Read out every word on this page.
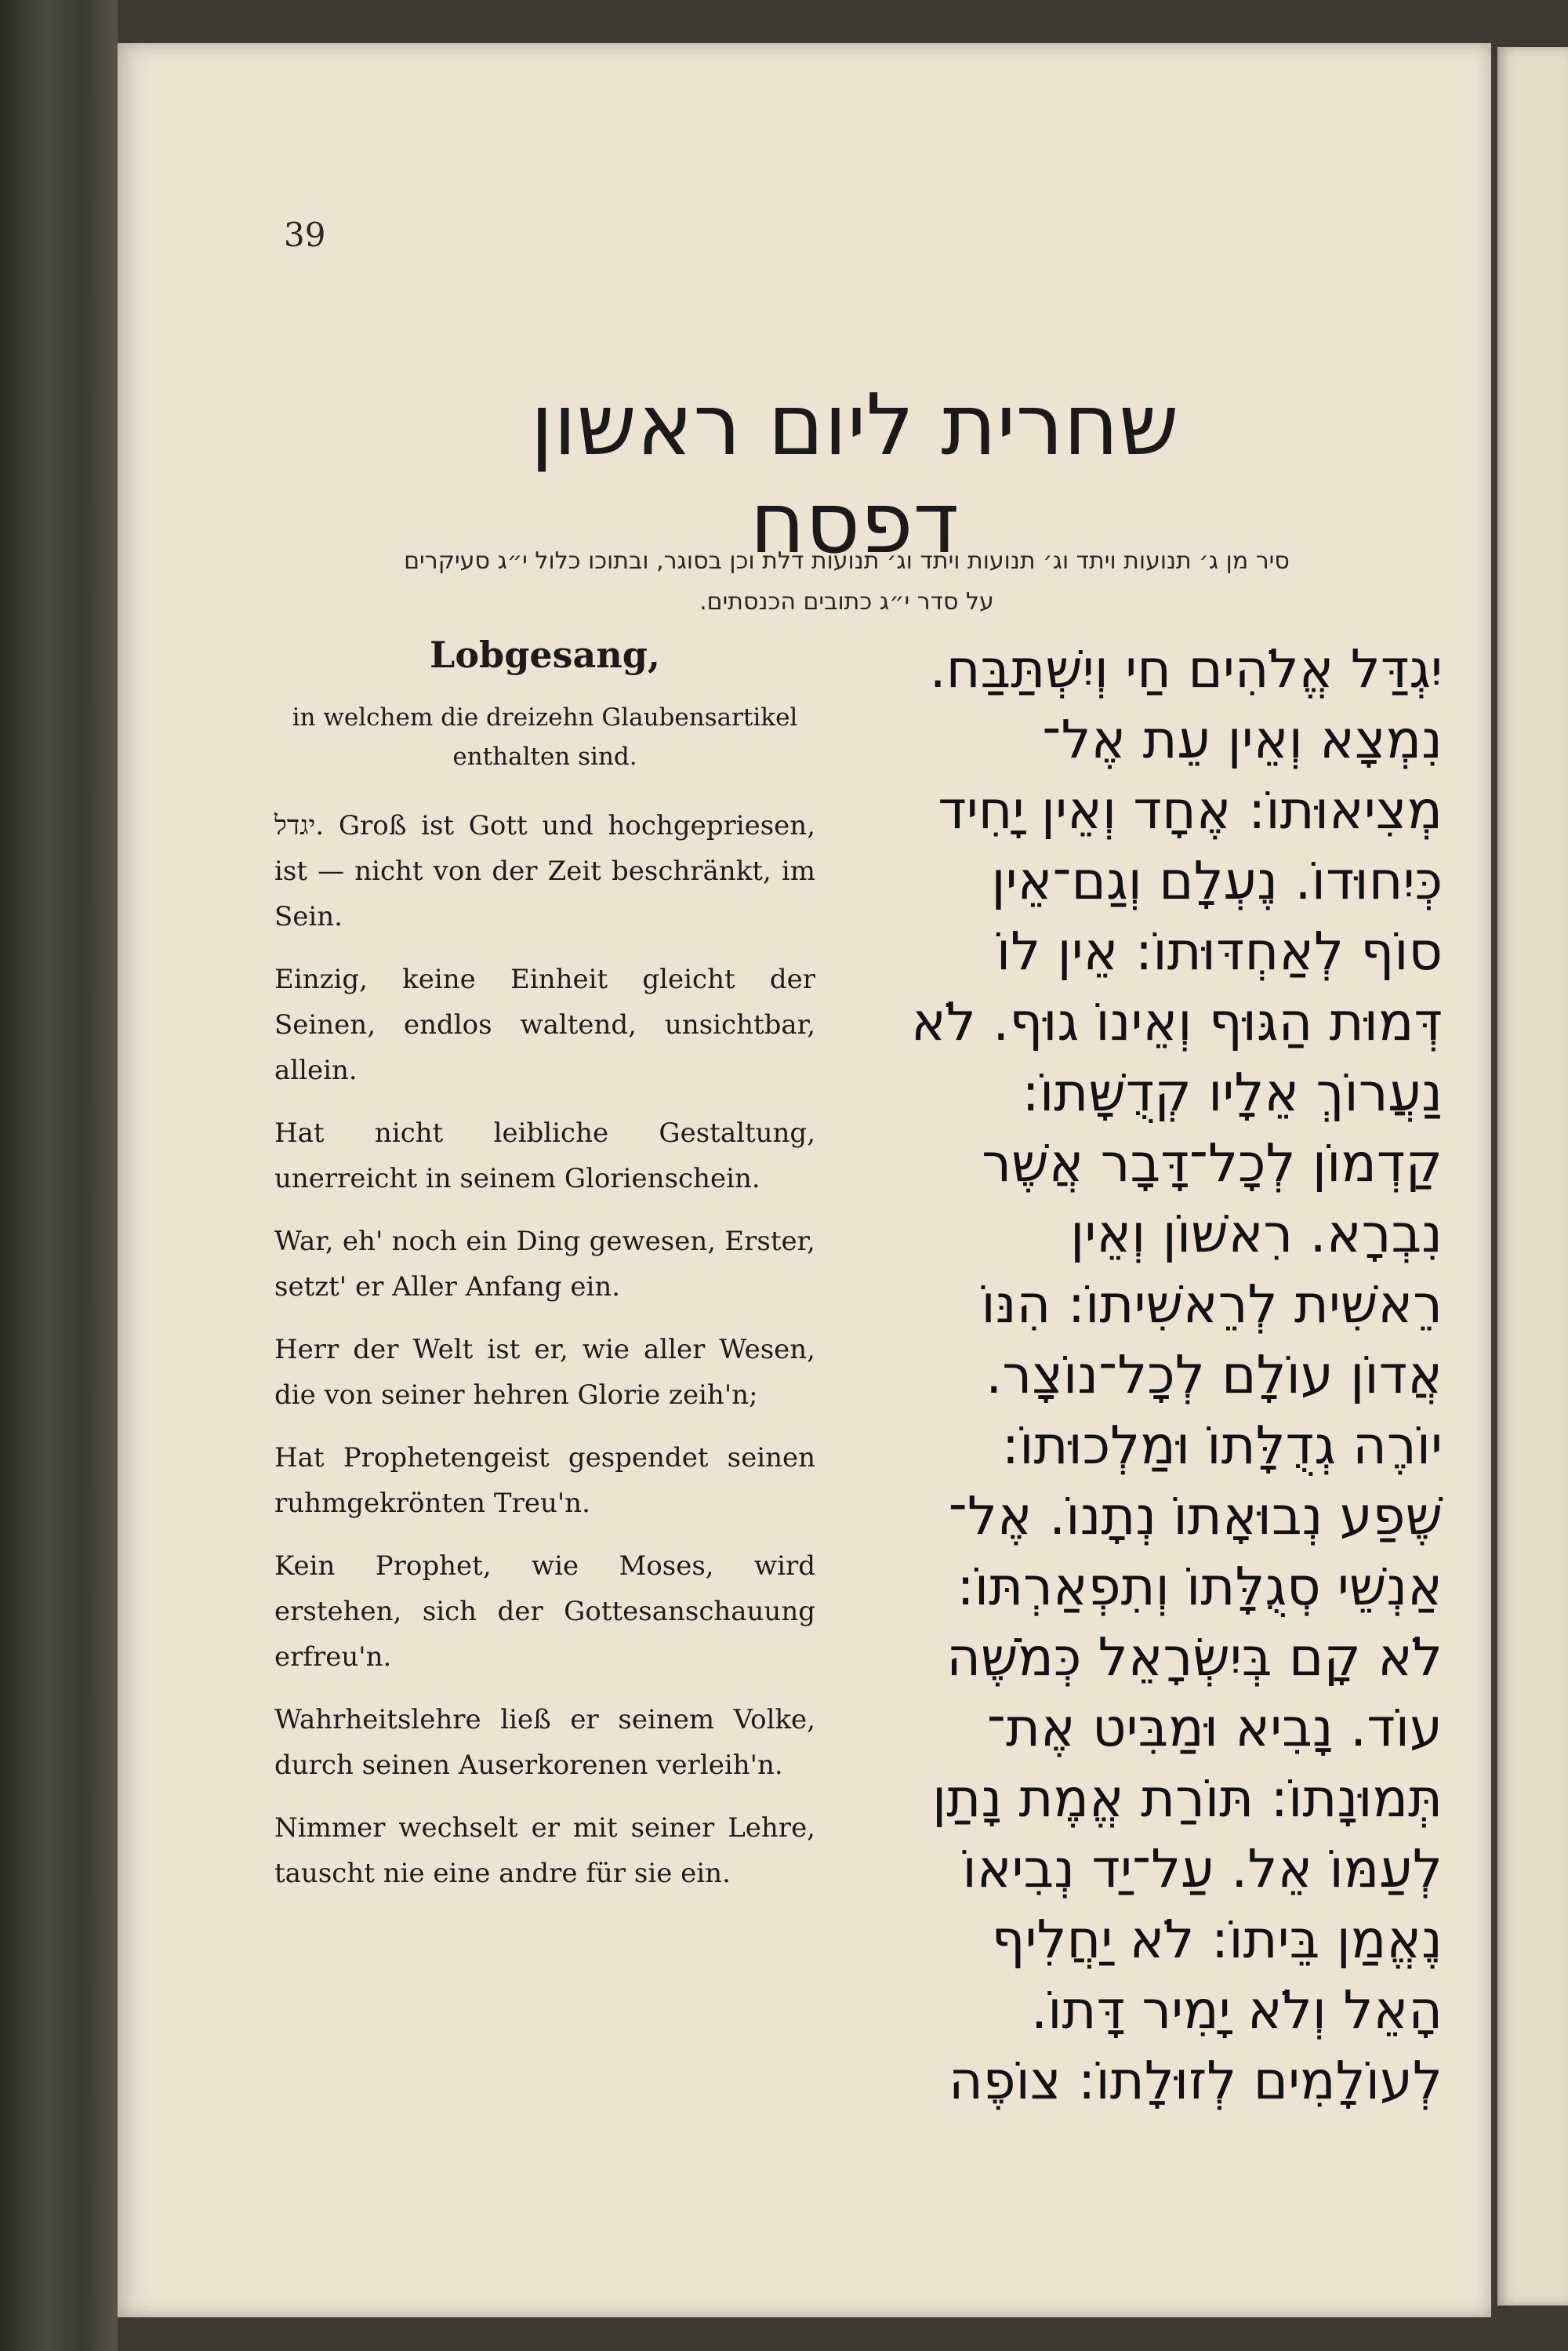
39
שחרית ליום ראשון דפסח
סיר מן ג׳ תנועות ויתד וג׳ תנועות ויתד וג׳ תנועות דלת וכן בסוגר, ובתוכו כלול י״ג סעיקרים
על סדר י״ג כתובים הכנסתים.
Lobgesang,
in welchem die dreizehn Glaubensartikel enthalten sind.

יגדל. Groß ist Gott und hochgepriesen, ist — nicht von der Zeit beschränkt, im Sein.

Einzig, keine Einheit gleicht der Seinen, endlos waltend, unsichtbar, allein.

Hat nicht leibliche Gestaltung, unerreicht in seinem Glorienschein.

War, eh' noch ein Ding gewesen, Erster, setzt' er Aller Anfang ein.

Herr der Welt ist er, wie aller Wesen, die von seiner hehren Glorie zeih'n;

Hat Prophetengeist gespendet seinen ruhmgekrönten Treu'n.

Kein Prophet, wie Moses, wird erstehen, sich der Gottesanschauung erfreu'n.

Wahrheitslehre ließ er seinem Volke, durch seinen Auserkorenen verleih'n.

Nimmer wechselt er mit seiner Lehre, tauscht nie eine andre für sie ein.

יִגְדַּל אֱלֹהִים חַי וְיִשְׁתַּבַּח.
נִמְצָא וְאֵין עֵת אֶל־
מְצִיאוּתוֹ: אֶחָד וְאֵין יָחִיד
כְּיִחוּדוֹ. נֶעְלָם וְגַם־אֵין
סוֹף לְאַחְדּוּתוֹ: אֵין לוֹ
דְּמוּת הַגּוּף וְאֵינוֹ גוּף. לֹא
נַעֲרוֹךְ אֵלָיו קְדֻשָּׁתוֹ:
קַדְמוֹן לְכָל־דָּבָר אֲשֶׁר
נִבְרָא. רִאשׁוֹן וְאֵין
רֵאשִׁית לְרֵאשִׁיתוֹ: הִנּוֹ
אֲדוֹן עוֹלָם לְכָל־נוֹצָר.
יוֹרֶה גְדֻלָּתוֹ וּמַלְכוּתוֹ:
שֶׁפַע נְבוּאָתוֹ נְתָנוֹ. אֶל־
אַנְשֵׁי סְגֻלָּתוֹ וְתִפְאַרְתּוֹ:
לֹא קָם בְּיִשְׂרָאֵל כְּמֹשֶׁה
עוֹד. נָבִיא וּמַבִּיט אֶת־
תְּמוּנָתוֹ: תּוֹרַת אֱמֶת נָתַן
לְעַמּוֹ אֵל. עַל־יַד נְבִיאוֹ
נֶאֱמַן בֵּיתוֹ: לֹא יַחֲלִיף
הָאֵל וְלֹא יָמִיר דָּתוֹ.
לְעוֹלָמִים לְזוּלָתוֹ: צוֹפֶה
